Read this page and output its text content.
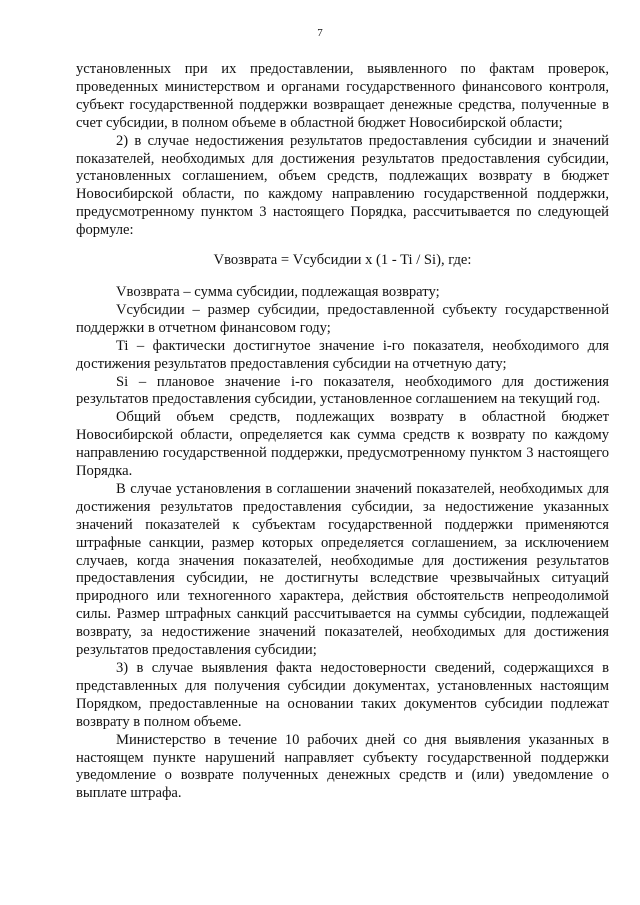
7

установленных при их предоставлении, выявленного по фактам проверок, проведенных министерством и органами государственного финансового контроля, субъект государственной поддержки возвращает денежные средства, полученные в счет субсидии, в полном объеме в областной бюджет Новосибирской области;

2) в случае недостижения результатов предоставления субсидии и значений показателей, необходимых для достижения результатов предоставления субсидии, установленных соглашением, объем средств, подлежащих возврату в бюджет Новосибирской области, по каждому направлению государственной поддержки, предусмотренному пунктом 3 настоящего Порядка, рассчитывается по следующей формуле:

Vвозврата = Vсубсидии x (1 - Ti / Si), где:

Vвозврата – сумма субсидии, подлежащая возврату;

Vсубсидии – размер субсидии, предоставленной субъекту государственной поддержки в отчетном финансовом году;

Ti – фактически достигнутое значение i-го показателя, необходимого для достижения результатов предоставления субсидии на отчетную дату;

Si – плановое значение i-го показателя, необходимого для достижения результатов предоставления субсидии, установленное соглашением на текущий год.

Общий объем средств, подлежащих возврату в областной бюджет Новосибирской области, определяется как сумма средств к возврату по каждому направлению государственной поддержки, предусмотренному пунктом 3 настоящего Порядка.

В случае установления в соглашении значений показателей, необходимых для достижения результатов предоставления субсидии, за недостижение указанных значений показателей к субъектам государственной поддержки применяются штрафные санкции, размер которых определяется соглашением, за исключением случаев, когда значения показателей, необходимые для достижения результатов предоставления субсидии, не достигнуты вследствие чрезвычайных ситуаций природного или техногенного характера, действия обстоятельств непреодолимой силы. Размер штрафных санкций рассчитывается на суммы субсидии, подлежащей возврату, за недостижение значений показателей, необходимых для достижения результатов предоставления субсидии;

3) в случае выявления факта недостоверности сведений, содержащихся в представленных для получения субсидии документах, установленных настоящим Порядком, предоставленные на основании таких документов субсидии подлежат возврату в полном объеме.

Министерство в течение 10 рабочих дней со дня выявления указанных в настоящем пункте нарушений направляет субъекту государственной поддержки уведомление о возврате полученных денежных средств и (или) уведомление о выплате штрафа.
